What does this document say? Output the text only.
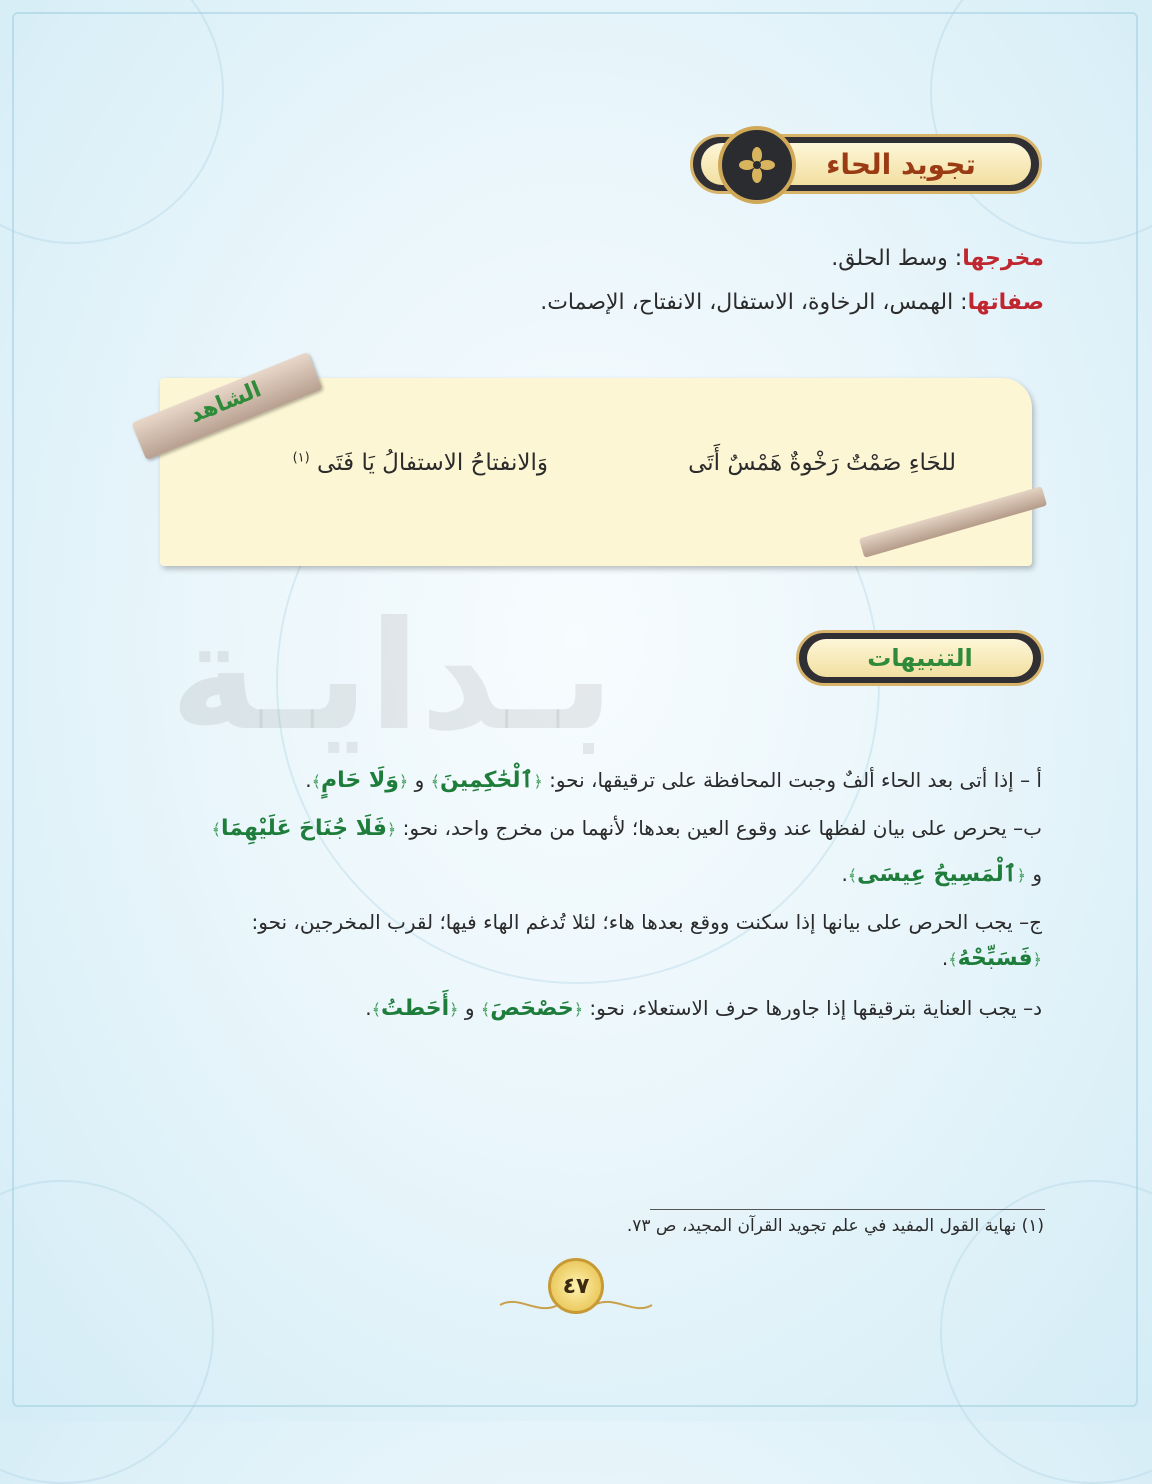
بـدايـة
تجويد الحاء
مخرجها: وسط الحلق.
صفاتها: الهمس، الرخاوة، الاستفال، الانفتاح، الإصمات.
الشاهد
للحَاءِ صَمْتٌ رَخْوةٌ هَمْسٌ أَتَى
وَالانفتاحُ الاستفالُ يَا فَتَى $^{(١)}$
التنبيهات
أ – إذا أتى بعد الحاء ألفٌ وجبت المحافظة على ترقيقها، نحو: ﴿ٱلْحَٰكِمِينَ﴾ و ﴿وَلَا حَامٍ﴾.
ب– يحرص على بيان لفظها عند وقوع العين بعدها؛ لأنهما من مخرج واحد، نحو: ﴿فَلَا جُنَاحَ عَلَيْهِمَا﴾
و ﴿ٱلْمَسِيحُ عِيسَى﴾.
ج– يجب الحرص على بيانها إذا سكنت ووقع بعدها هاء؛ لئلا تُدغم الهاء فيها؛ لقرب المخرجين، نحو:
﴿فَسَبِّحْهُ﴾.
د– يجب العناية بترقيقها إذا جاورها حرف الاستعلاء، نحو: ﴿حَصْحَصَ﴾ و ﴿أَحَطتُ﴾.
(١) نهاية القول المفيد في علم تجويد القرآن المجيد، ص ٧٣.
٤٧
